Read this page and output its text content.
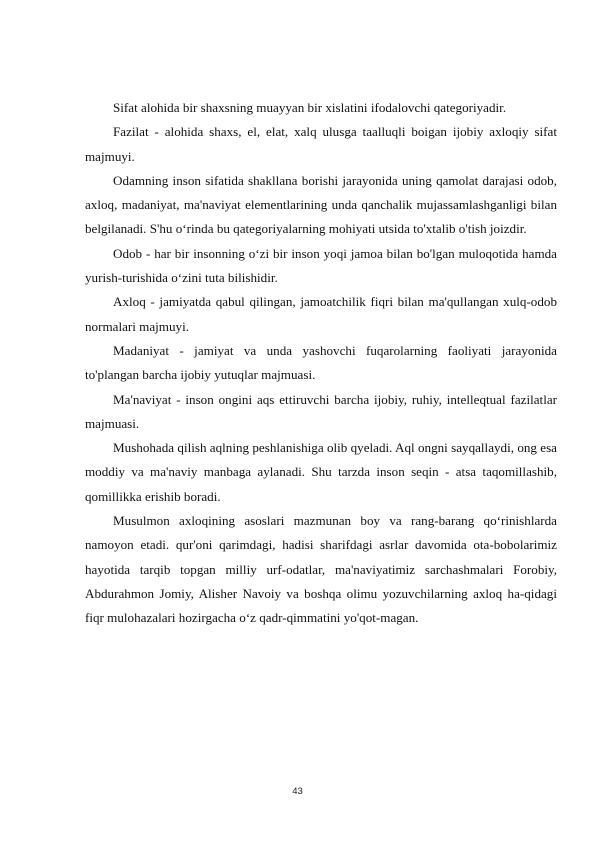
Sifat alohida bir shaxsning muayyan bir xislatini ifodalovchi qategoriyadir.

Fazilat - alohida shaxs, el, elat, xalq ulusga taalluqli boigan ijobiy axloqiy sifat majmuyi.

Odamning inson sifatida shakllana borishi jarayonida uning qamolat darajasi odob, axloq, madaniyat, ma'naviyat elementlarining unda qanchalik mujassamlashganligi bilan belgilanadi. S'hu o‘rinda bu qategoriyalarning mohiyati utsida to'xtalib o'tish joizdir.

Odob - har bir insonning o‘zi bir inson yoqi jamoa bilan bo'lgan muloqotida hamda yurish-turishida o‘zini tuta bilishidir.

Axloq - jamiyatda qabul qilingan, jamoatchilik fiqri bilan ma'qullangan xulq-odob normalari majmuyi.

Madaniyat - jamiyat va unda yashovchi fuqarolarning faoliyati jarayonida to'plangan barcha ijobiy yutuqlar majmuasi.

Ma'naviyat - inson ongini aqs ettiruvchi barcha ijobiy, ruhiy, intelleqtual fazilatlar majmuasi.

Mushohada qilish aqlning peshlanishiga olib qyeladi. Aql ongni sayqallaydi, ong esa moddiy va ma'naviy manbaga aylanadi. Shu tarzda inson seqin - atsa taqomillashib, qomillikka erishib boradi.

Musulmon axloqining asoslari mazmunan boy va rang-barang qo‘rinishlarda namoyon etadi. qur'oni qarimdagi, hadisi sharifdagi asrlar davomida ota-bobolarimiz hayotida tarqib topgan milliy urf-odatlar, ma'naviyatimiz sarchashmalari Forobiy, Abdurahmon Jomiy, Alisher Navoiy va boshqa olimu yozuvchilarning axloq ha-qidagi fiqr mulohazalari hozirgacha o‘z qadr-qimmatini yo'qot-magan.

43
